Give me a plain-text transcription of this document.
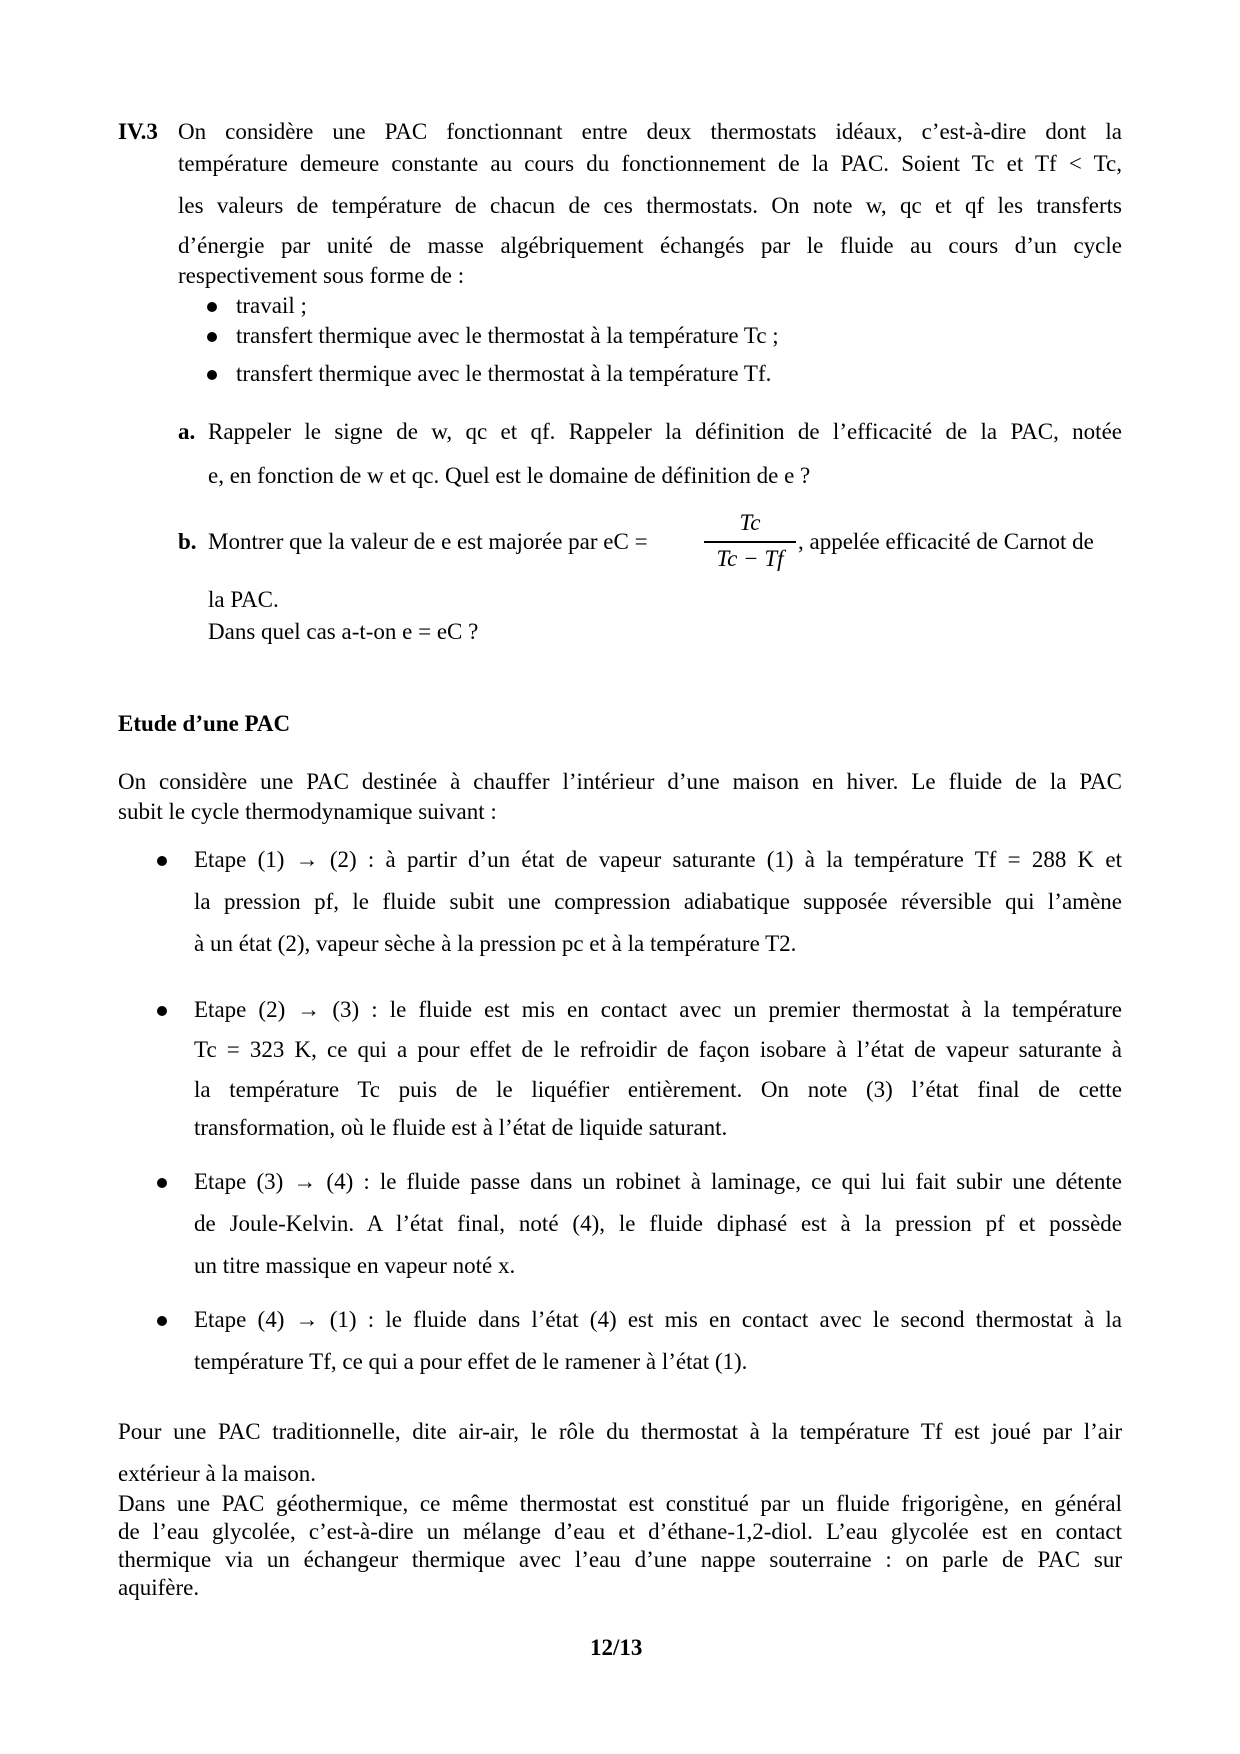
IV.3 On considère une PAC fonctionnant entre deux thermostats idéaux, c’est-à-dire dont la
température demeure constante au cours du fonctionnement de la PAC. Soient Tc et Tf < Tc,
les valeurs de température de chacun de ces thermostats. On note w, qc et qf les transferts
d’énergie par unité de masse algébriquement échangés par le fluide au cours d’un cycle
respectivement sous forme de :
travail ;
transfert thermique avec le thermostat à la température Tc ;
transfert thermique avec le thermostat à la température Tf.
a. Rappeler le signe de w, qc et qf. Rappeler la définition de l’efficacité de la PAC, notée
e, en fonction de w et qc. Quel est le domaine de définition de e ?
b. Montrer que la valeur de e est majorée par eC =
Tc
Tc − Tf
, appelée efficacité de Carnot de
la PAC.
Dans quel cas a-t-on e = eC ?
Etude d’une PAC
On considère une PAC destinée à chauffer l’intérieur d’une maison en hiver. Le fluide de la PAC
subit le cycle thermodynamique suivant :
Etape (1) → (2) : à partir d’un état de vapeur saturante (1) à la température Tf = 288 K et
la pression pf, le fluide subit une compression adiabatique supposée réversible qui l’amène
à un état (2), vapeur sèche à la pression pc et à la température T2.
Etape (2) → (3) : le fluide est mis en contact avec un premier thermostat à la température
Tc = 323 K, ce qui a pour effet de le refroidir de façon isobare à l’état de vapeur saturante à
la température Tc puis de le liquéfier entièrement. On note (3) l’état final de cette
transformation, où le fluide est à l’état de liquide saturant.
Etape (3) → (4) : le fluide passe dans un robinet à laminage, ce qui lui fait subir une détente
de Joule-Kelvin. A l’état final, noté (4), le fluide diphasé est à la pression pf et possède
un titre massique en vapeur noté x.
Etape (4) → (1) : le fluide dans l’état (4) est mis en contact avec le second thermostat à la
température Tf, ce qui a pour effet de le ramener à l’état (1).
Pour une PAC traditionnelle, dite air-air, le rôle du thermostat à la température Tf est joué par l’air
extérieur à la maison.
Dans une PAC géothermique, ce même thermostat est constitué par un fluide frigorigène, en général
de l’eau glycolée, c’est-à-dire un mélange d’eau et d’éthane-1,2-diol. L’eau glycolée est en contact
thermique via un échangeur thermique avec l’eau d’une nappe souterraine : on parle de PAC sur
aquifère.
12/13
